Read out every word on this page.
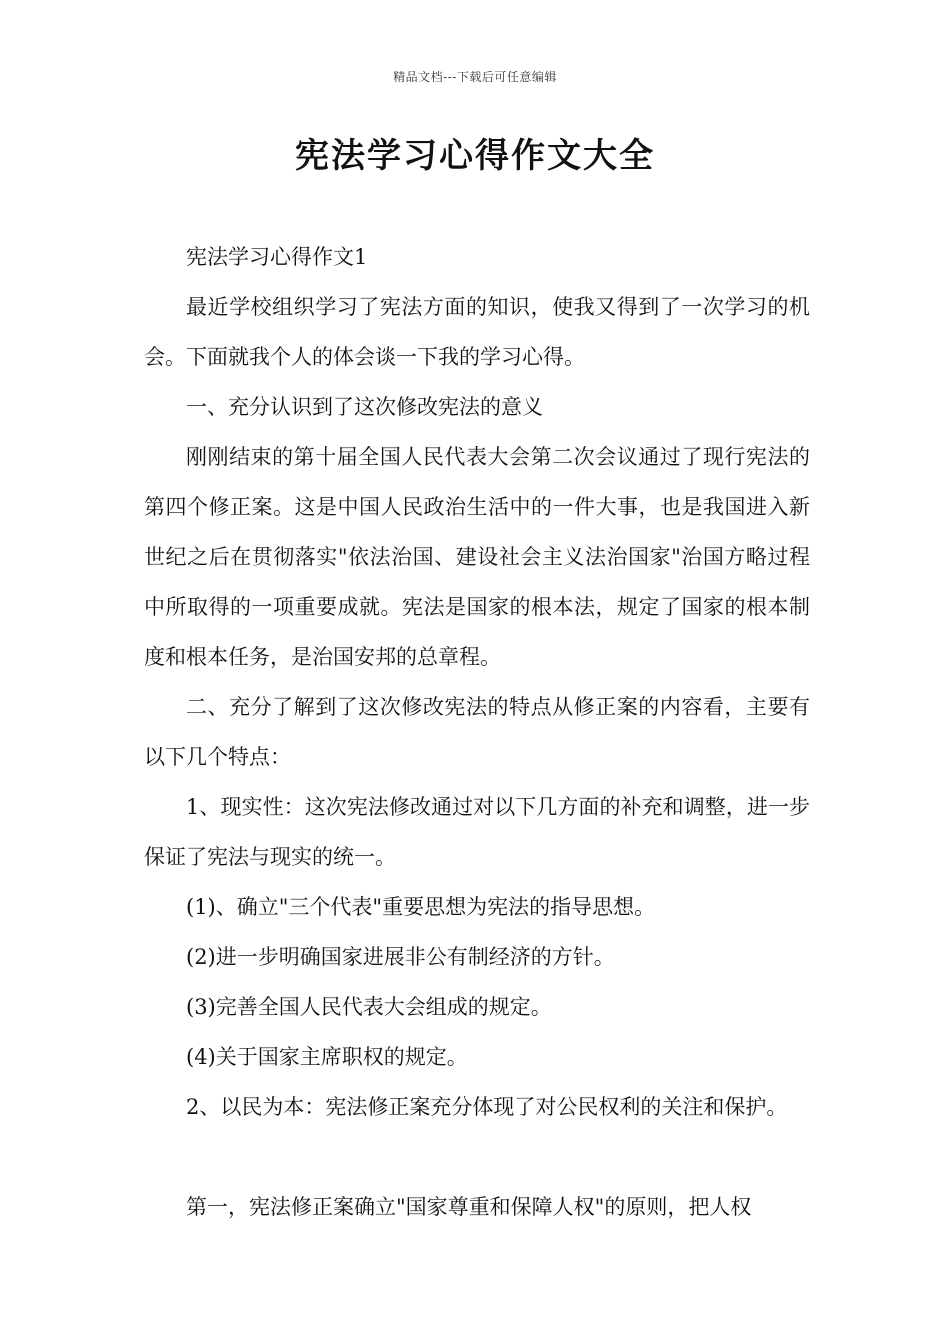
精品文档---下载后可任意编辑
宪法学习心得作文大全

宪法学习心得作文1

最近学校组织学习了宪法方面的知识，使我又得到了一次学习的机会。下面就我个人的体会谈一下我的学习心得。

一、充分认识到了这次修改宪法的意义

刚刚结束的第十届全国人民代表大会第二次会议通过了现行宪法的第四个修正案。这是中国人民政治生活中的一件大事，也是我国进入新世纪之后在贯彻落实"依法治国、建设社会主义法治国家"治国方略过程中所取得的一项重要成就。宪法是国家的根本法，规定了国家的根本制度和根本任务，是治国安邦的总章程。

二、充分了解到了这次修改宪法的特点从修正案的内容看，主要有以下几个特点：

1、现实性：这次宪法修改通过对以下几方面的补充和调整，进一步保证了宪法与现实的统一。

(1)、确立"三个代表"重要思想为宪法的指导思想。

(2)进一步明确国家进展非公有制经济的方针。

(3)完善全国人民代表大会组成的规定。

(4)关于国家主席职权的规定。

2、以民为本：宪法修正案充分体现了对公民权利的关注和保护。

第一，宪法修正案确立"国家尊重和保障人权"的原则，把人权
